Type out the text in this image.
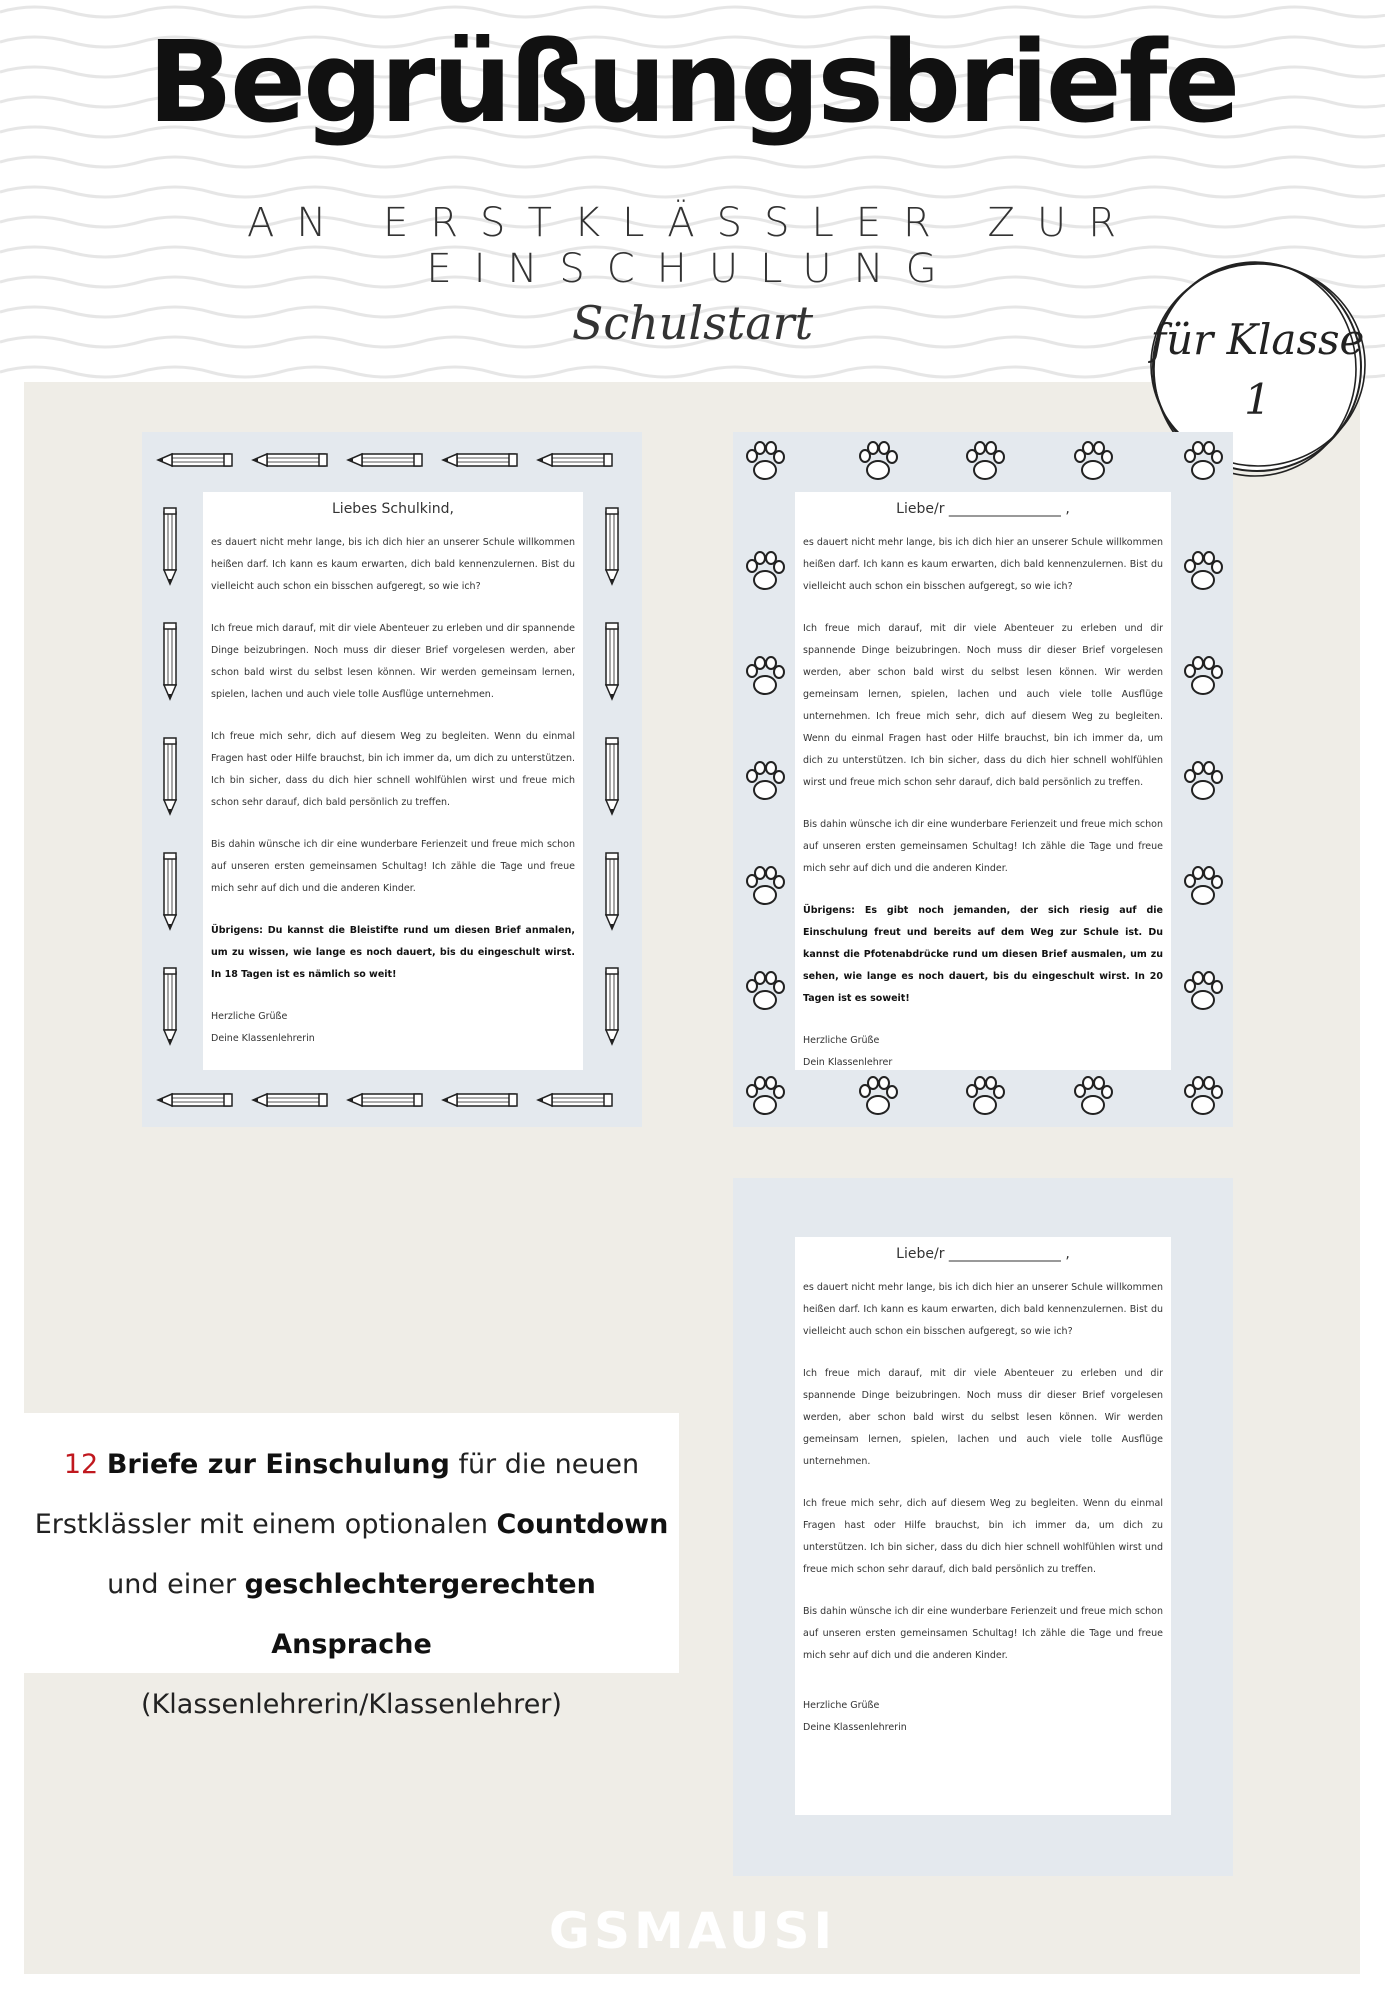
Begrüßungsbriefe
AN ERSTKLÄSSLER ZUR EINSCHULUNG
Schulstart	für Klasse
1
Liebes Schulkind,

es dauert nicht mehr lange, bis ich dich hier an unserer Schule willkommen heißen darf. Ich kann es kaum erwarten, dich bald kennenzulernen. Bist du vielleicht auch schon ein bisschen aufgeregt, so wie ich?

Ich freue mich darauf, mit dir viele Abenteuer zu erleben und dir spannende Dinge beizubringen. Noch muss dir dieser Brief vorgelesen werden, aber schon bald wirst du selbst lesen können. Wir werden gemeinsam lernen, spielen, lachen und auch viele tolle Ausflüge unternehmen.

Ich freue mich sehr, dich auf diesem Weg zu begleiten. Wenn du einmal Fragen hast oder Hilfe brauchst, bin ich immer da, um dich zu unterstützen. Ich bin sicher, dass du dich hier schnell wohlfühlen wirst und freue mich schon sehr darauf, dich bald persönlich zu treffen.

Bis dahin wünsche ich dir eine wunderbare Ferienzeit und freue mich schon auf unseren ersten gemeinsamen Schultag! Ich zähle die Tage und freue mich sehr auf dich und die anderen Kinder.

Übrigens: Du kannst die Bleistifte rund um diesen Brief anmalen, um zu wissen, wie lange es noch dauert, bis du eingeschult wirst. In 18 Tagen ist es nämlich so weit!

Herzliche Grüße
Deine Klassenlehrerin
Liebe/r ________________ ,

es dauert nicht mehr lange, bis ich dich hier an unserer Schule willkommen heißen darf. Ich kann es kaum erwarten, dich bald kennenzulernen. Bist du vielleicht auch schon ein bisschen aufgeregt, so wie ich?

Ich freue mich darauf, mit dir viele Abenteuer zu erleben und dir spannende Dinge beizubringen. Noch muss dir dieser Brief vorgelesen werden, aber schon bald wirst du selbst lesen können. Wir werden gemeinsam lernen, spielen, lachen und auch viele tolle Ausflüge unternehmen. Ich freue mich sehr, dich auf diesem Weg zu begleiten. Wenn du einmal Fragen hast oder Hilfe brauchst, bin ich immer da, um dich zu unterstützen. Ich bin sicher, dass du dich hier schnell wohlfühlen wirst und freue mich schon sehr darauf, dich bald persönlich zu treffen.

Bis dahin wünsche ich dir eine wunderbare Ferienzeit und freue mich schon auf unseren ersten gemeinsamen Schultag! Ich zähle die Tage und freue mich sehr auf dich und die anderen Kinder.

Übrigens: Es gibt noch jemanden, der sich riesig auf die Einschulung freut und bereits auf dem Weg zur Schule ist. Du kannst die Pfotenabdrücke rund um diesen Brief ausmalen, um zu sehen, wie lange es noch dauert, bis du eingeschult wirst. In 20 Tagen ist es soweit!

Herzliche Grüße
Dein Klassenlehrer
Liebe/r ________________ ,

es dauert nicht mehr lange, bis ich dich hier an unserer Schule willkommen heißen darf. Ich kann es kaum erwarten, dich bald kennenzulernen. Bist du vielleicht auch schon ein bisschen aufgeregt, so wie ich?

Ich freue mich darauf, mit dir viele Abenteuer zu erleben und dir spannende Dinge beizubringen. Noch muss dir dieser Brief vorgelesen werden, aber schon bald wirst du selbst lesen können. Wir werden gemeinsam lernen, spielen, lachen und auch viele tolle Ausflüge unternehmen.

Ich freue mich sehr, dich auf diesem Weg zu begleiten. Wenn du einmal Fragen hast oder Hilfe brauchst, bin ich immer da, um dich zu unterstützen. Ich bin sicher, dass du dich hier schnell wohlfühlen wirst und freue mich schon sehr darauf, dich bald persönlich zu treffen.

Bis dahin wünsche ich dir eine wunderbare Ferienzeit und freue mich schon auf unseren ersten gemeinsamen Schultag! Ich zähle die Tage und freue mich sehr auf dich und die anderen Kinder.

Herzliche Grüße
Deine Klassenlehrerin
12 Briefe zur Einschulung für die neuen Erstklässler mit einem optionalen Countdown und einer geschlechtergerechten Ansprache
(Klassenlehrerin/Klassenlehrer)
GSMAUSI
